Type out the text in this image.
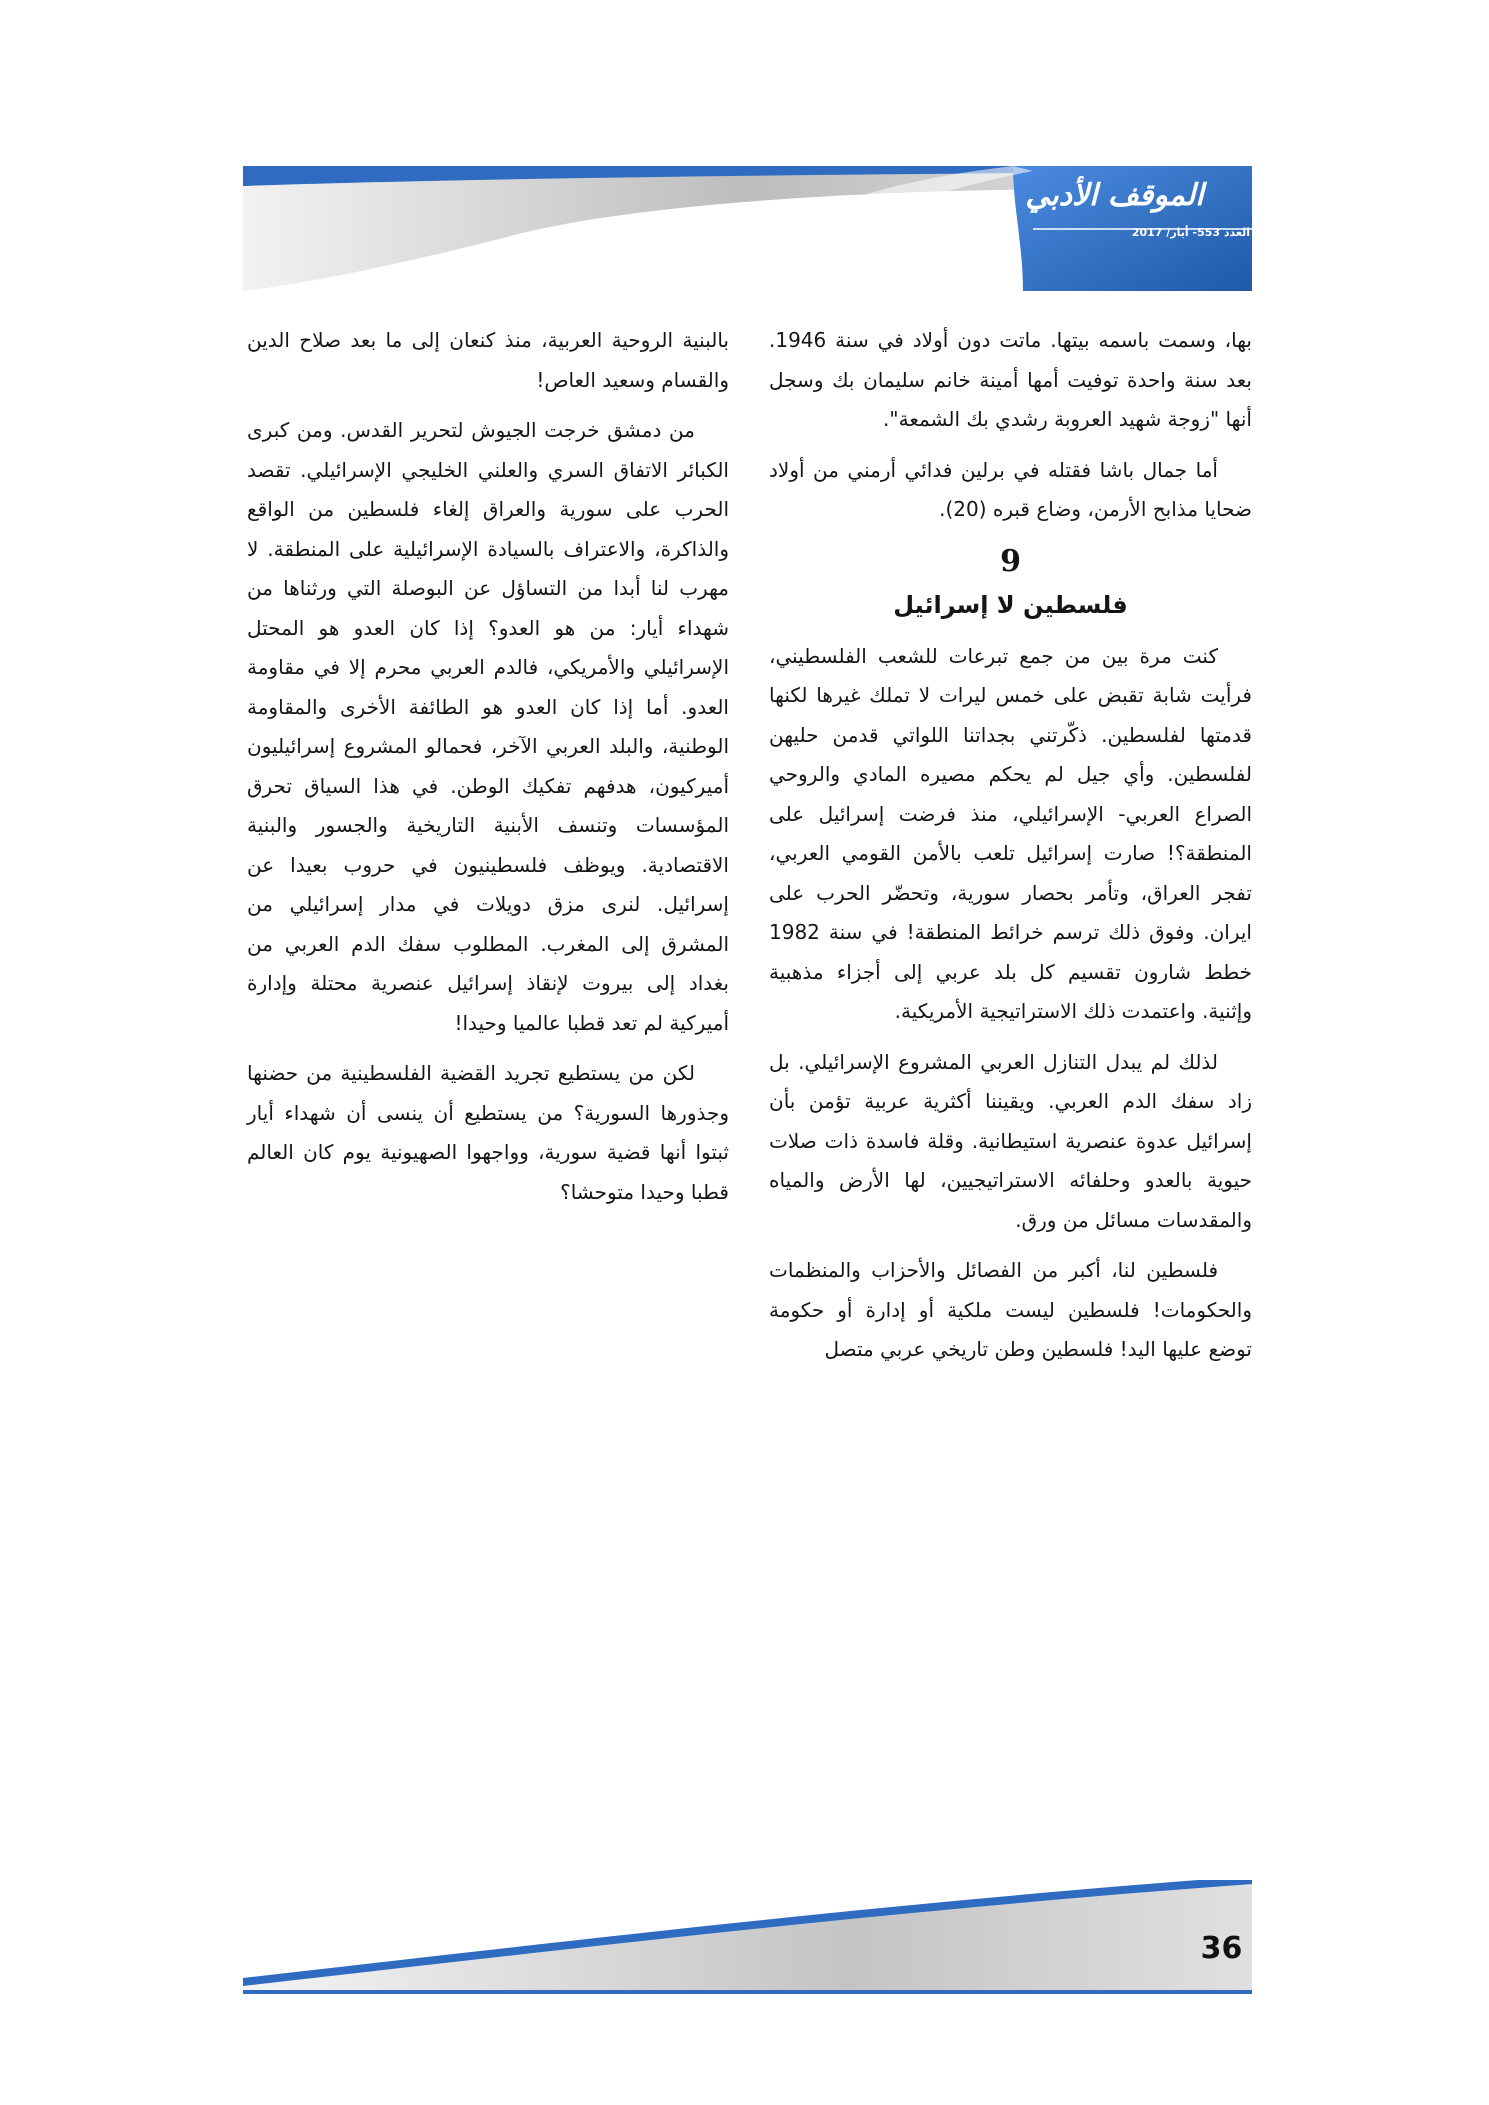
الموقف الأدبي
العدد 553- أيار/ 2017

بها، وسمت باسمه بيتها. ماتت دون أولاد في سنة 1946. بعد سنة واحدة توفيت أمها أمينة خانم سليمان بك وسجل أنها "زوجة شهيد العروبة رشدي بك الشمعة".

أما جمال باشا فقتله في برلين فدائي أرمني من أولاد ضحايا مذابح الأرمن، وضاع قبره (20).

9
فلسطين لا إسرائيل

كنت مرة بين من جمع تبرعات للشعب الفلسطيني، فرأيت شابة تقبض على خمس ليرات لا تملك غيرها لكنها قدمتها لفلسطين. ذكّرتني بجداتنا اللواتي قدمن حليهن لفلسطين. وأي جيل لم يحكم مصيره المادي والروحي الصراع العربي- الإسرائيلي، منذ فرضت إسرائيل على المنطقة؟! صارت إسرائيل تلعب بالأمن القومي العربي، تفجر العراق، وتأمر بحصار سورية، وتحضّر الحرب على ايران. وفوق ذلك ترسم خرائط المنطقة! في سنة 1982 خطط شارون تقسيم كل بلد عربي إلى أجزاء مذهبية وإثنية. واعتمدت ذلك الاستراتيجية الأمريكية.

لذلك لم يبدل التنازل العربي المشروع الإسرائيلي. بل زاد سفك الدم العربي. ويقيننا أكثرية عربية تؤمن بأن إسرائيل عدوة عنصرية استيطانية. وقلة فاسدة ذات صلات حيوية بالعدو وحلفائه الاستراتيجيين، لها الأرض والمياه والمقدسات مسائل من ورق.

فلسطين لنا، أكبر من الفصائل والأحزاب والمنظمات والحكومات! فلسطين ليست ملكية أو إدارة أو حكومة توضع عليها اليد! فلسطين وطن تاريخي عربي متصل

بالبنية الروحية العربية، منذ كنعان إلى ما بعد صلاح الدين والقسام وسعيد العاص!

من دمشق خرجت الجيوش لتحرير القدس. ومن كبرى الكبائر الاتفاق السري والعلني الخليجي الإسرائيلي. تقصد الحرب على سورية والعراق إلغاء فلسطين من الواقع والذاكرة، والاعتراف بالسيادة الإسرائيلية على المنطقة. لا مهرب لنا أبدا من التساؤل عن البوصلة التي ورثناها من شهداء أيار: من هو العدو؟ إذا كان العدو هو المحتل الإسرائيلي والأمريكي، فالدم العربي محرم إلا في مقاومة العدو. أما إذا كان العدو هو الطائفة الأخرى والمقاومة الوطنية، والبلد العربي الآخر، فحمالو المشروع إسرائيليون أميركيون، هدفهم تفكيك الوطن. في هذا السياق تحرق المؤسسات وتنسف الأبنية التاريخية والجسور والبنية الاقتصادية. ويوظف فلسطينيون في حروب بعيدا عن إسرائيل. لنرى مزق دويلات في مدار إسرائيلي من المشرق إلى المغرب. المطلوب سفك الدم العربي من بغداد إلى بيروت لإنقاذ إسرائيل عنصرية محتلة وإدارة أميركية لم تعد قطبا عالميا وحيدا!

لكن من يستطيع تجريد القضية الفلسطينية من حضنها وجذورها السورية؟ من يستطيع أن ينسى أن شهداء أيار ثبتوا أنها قضية سورية، وواجهوا الصهيونية يوم كان العالم قطبا وحيدا متوحشا؟

36
